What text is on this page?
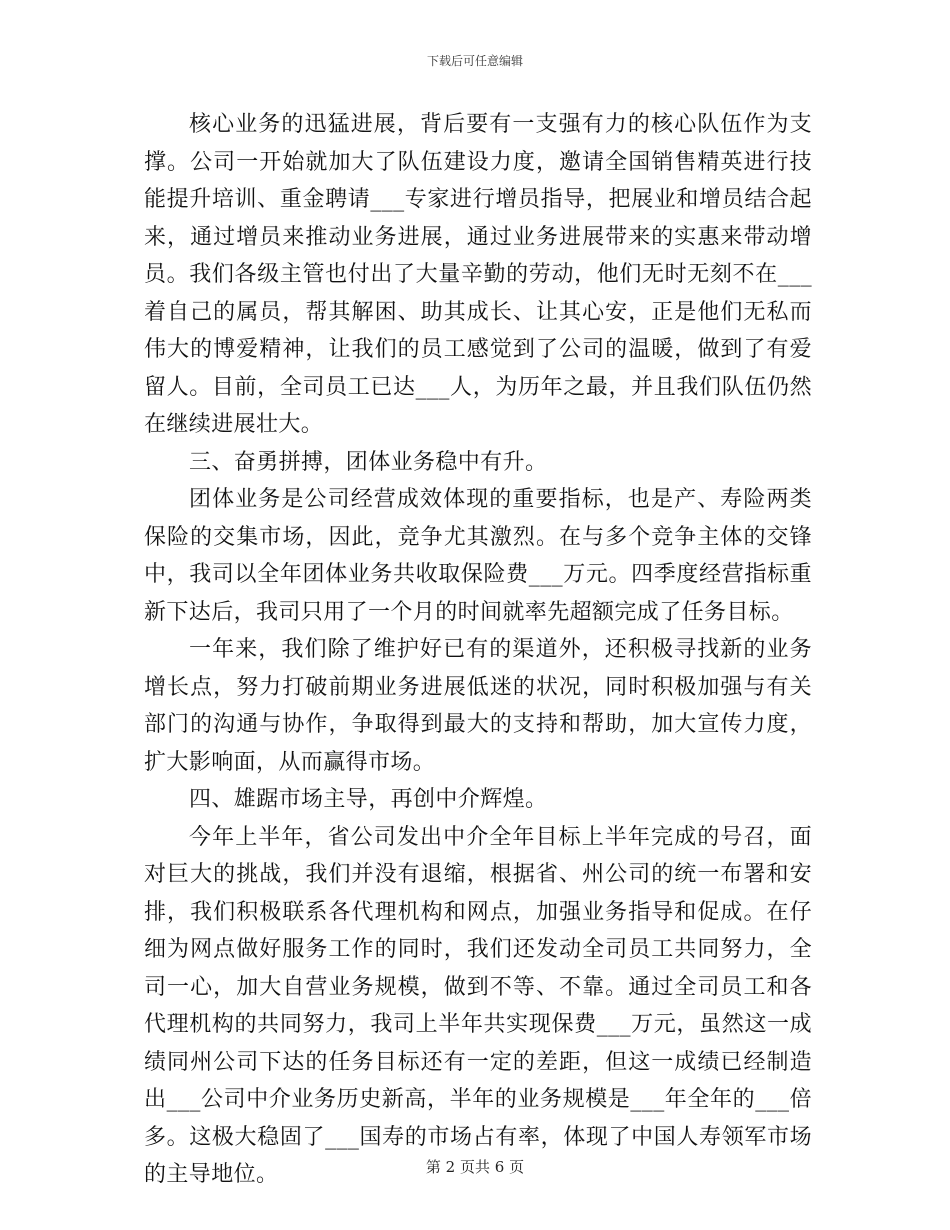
下载后可任意编辑

核心业务的迅猛进展，背后要有一支强有力的核心队伍作为支撑。公司一开始就加大了队伍建设力度，邀请全国销售精英进行技能提升培训、重金聘请___专家进行增员指导，把展业和增员结合起来，通过增员来推动业务进展，通过业务进展带来的实惠来带动增员。我们各级主管也付出了大量辛勤的劳动，他们无时无刻不在___着自己的属员，帮其解困、助其成长、让其心安，正是他们无私而伟大的博爱精神，让我们的员工感觉到了公司的温暖，做到了有爱留人。目前，全司员工已达___人，为历年之最，并且我们队伍仍然在继续进展壮大。

三、奋勇拼搏，团体业务稳中有升。

团体业务是公司经营成效体现的重要指标，也是产、寿险两类保险的交集市场，因此，竞争尤其激烈。在与多个竞争主体的交锋中，我司以全年团体业务共收取保险费___万元。四季度经营指标重新下达后，我司只用了一个月的时间就率先超额完成了任务目标。

一年来，我们除了维护好已有的渠道外，还积极寻找新的业务增长点，努力打破前期业务进展低迷的状况，同时积极加强与有关部门的沟通与协作，争取得到最大的支持和帮助，加大宣传力度，扩大影响面，从而赢得市场。

四、雄踞市场主导，再创中介辉煌。

今年上半年，省公司发出中介全年目标上半年完成的号召，面对巨大的挑战，我们并没有退缩，根据省、州公司的统一布署和安排，我们积极联系各代理机构和网点，加强业务指导和促成。在仔细为网点做好服务工作的同时，我们还发动全司员工共同努力，全司一心，加大自营业务规模，做到不等、不靠。通过全司员工和各代理机构的共同努力，我司上半年共实现保费___万元，虽然这一成绩同州公司下达的任务目标还有一定的差距，但这一成绩已经制造出___公司中介业务历史新高，半年的业务规模是___年全年的___倍多。这极大稳固了___国寿的市场占有率，体现了中国人寿领军市场的主导地位。	第 2 页共 6 页
